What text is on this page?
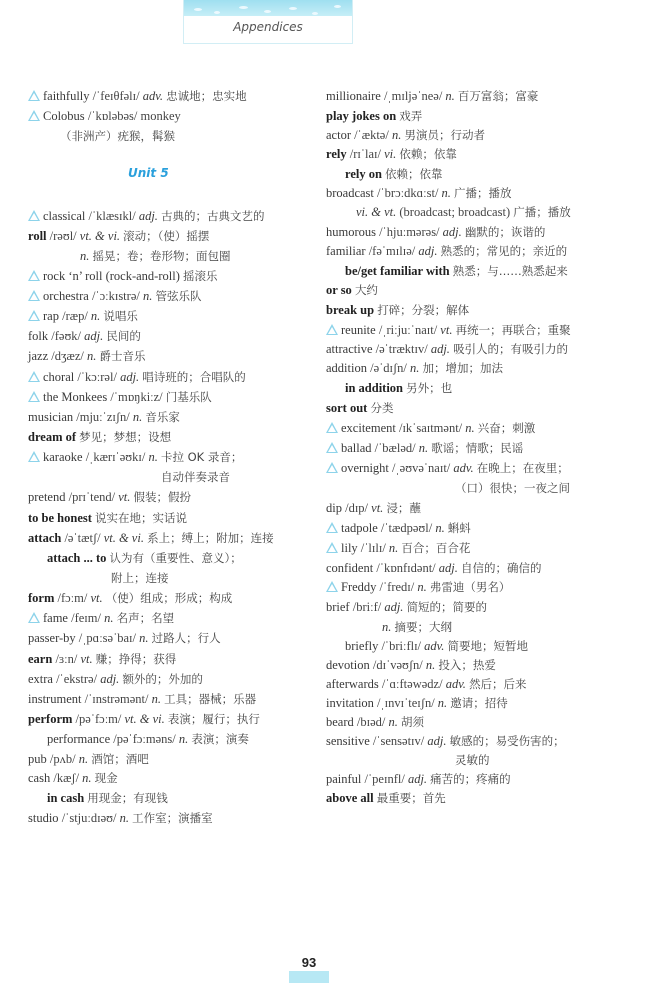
Appendices
Unit 5
faithfully /ˈfeɪθfəlɪ/ adv. 忠诚地；忠实地
Colobus /ˈkɒləbəs/ monkey
（非洲产）疣猴，髯猴
classical /ˈklæsɪkl/ adj. 古典的；古典文艺的
roll /rəʊl/ vt. & vi. 滚动；（使）摇摆
n. 摇晃；卷；卷形物；面包圈
rock ‘n’ roll (rock-and-roll) 摇滚乐
orchestra /ˈɔːkɪstrə/ n. 管弦乐队
rap /ræp/ n. 说唱乐
folk /fəʊk/ adj. 民间的
jazz /dʒæz/ n. 爵士音乐
choral /ˈkɔːrəl/ adj. 唱诗班的；合唱队的
the Monkees /ˈmɒŋkiːz/ 门基乐队
musician /mjuːˈzɪʃn/ n. 音乐家
dream of 梦见；梦想；设想
karaoke /ˌkærɪˈəʊkɪ/ n. 卡拉 OK 录音；
自动伴奏录音
pretend /prɪˈtend/ vt. 假装；假扮
to be honest 说实在地；实话说
attach /əˈtætʃ/ vt. & vi. 系上；缚上；附加；连接
attach ... to 认为有（重要性、意义）；
附上；连接
form /fɔːm/ vt. （使）组成；形成；构成
fame /feɪm/ n. 名声；名望
passer-by /ˌpɑːsəˈbaɪ/ n. 过路人；行人
earn /ɜːn/ vt. 赚；挣得；获得
extra /ˈekstrə/ adj. 额外的；外加的
instrument /ˈɪnstrəmənt/ n. 工具；器械；乐器
perform /pəˈfɔːm/ vt. & vi. 表演；履行；执行
performance /pəˈfɔːməns/ n. 表演；演奏
pub /pʌb/ n. 酒馆；酒吧
cash /kæʃ/ n. 现金
in cash 用现金；有现钱
studio /ˈstjuːdɪəʊ/ n. 工作室；演播室
millionaire /ˌmɪljəˈneə/ n. 百万富翁；富豪
play jokes on 戏弄
actor /ˈæktə/ n. 男演员；行动者
rely /rɪˈlaɪ/ vi. 依赖；依靠
rely on 依赖；依靠
broadcast /ˈbrɔːdkɑːst/ n. 广播；播放
vi. & vt. (broadcast; broadcast) 广播；播放
humorous /ˈhjuːmərəs/ adj. 幽默的；诙谐的
familiar /fəˈmɪlɪə/ adj. 熟悉的；常见的；亲近的
be/get familiar with 熟悉；与……熟悉起来
or so 大约
break up 打碎；分裂；解体
reunite /ˌriːjuːˈnaɪt/ vt. 再统一；再联合；重聚
attractive /əˈtræktɪv/ adj. 吸引人的；有吸引力的
addition /əˈdɪʃn/ n. 加；增加；加法
in addition 另外；也
sort out 分类
excitement /ɪkˈsaɪtmənt/ n. 兴奋；刺激
ballad /ˈbæləd/ n. 歌谣；情歌；民谣
overnight /ˌəʊvəˈnaɪt/ adv. 在晚上；在夜里；
（口）很快；一夜之间
dip /dɪp/ vt. 浸；蘸
tadpole /ˈtædpəʊl/ n. 蝌蚪
lily /ˈlɪlɪ/ n. 百合；百合花
confident /ˈkɒnfɪdənt/ adj. 自信的；确信的
Freddy /ˈfredɪ/ n. 弗雷迪（男名）
brief /briːf/ adj. 简短的；简要的
n. 摘要；大纲
briefly /ˈbriːflɪ/ adv. 简要地；短暂地
devotion /dɪˈvəʊʃn/ n. 投入；热爱
afterwards /ˈɑːftəwədz/ adv. 然后；后来
invitation /ˌɪnvɪˈteɪʃn/ n. 邀请；招待
beard /bɪəd/ n. 胡须
sensitive /ˈsensətɪv/ adj. 敏感的；易受伤害的；
灵敏的
painful /ˈpeɪnfl/ adj. 痛苦的；疼痛的
above all 最重要；首先
93
